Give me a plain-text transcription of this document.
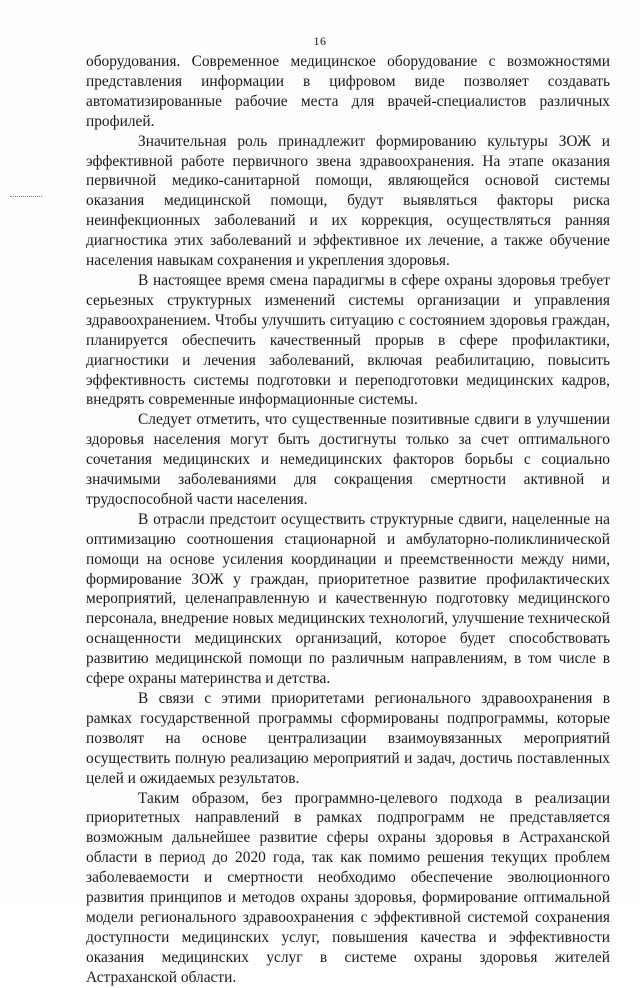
16

оборудования. Современное медицинское оборудование с возможностями представления информации в цифровом виде позволяет создавать автоматизированные рабочие места для врачей-специалистов различных профилей.

Значительная роль принадлежит формированию культуры ЗОЖ и эффективной работе первичного звена здравоохранения. На этапе оказания первичной медико-санитарной помощи, являющейся основой системы оказания медицинской помощи, будут выявляться факторы риска неинфекционных заболеваний и их коррекция, осуществляться ранняя диагностика этих заболеваний и эффективное их лечение, а также обучение населения навыкам сохранения и укрепления здоровья.

В настоящее время смена парадигмы в сфере охраны здоровья требует серьезных структурных изменений системы организации и управления здравоохранением. Чтобы улучшить ситуацию с состоянием здоровья граждан, планируется обеспечить качественный прорыв в сфере профилактики, диагностики и лечения заболеваний, включая реабилитацию, повысить эффективность системы подготовки и переподготовки медицинских кадров, внедрять современные информационные системы.

Следует отметить, что существенные позитивные сдвиги в улучшении здоровья населения могут быть достигнуты только за счет оптимального сочетания медицинских и немедицинских факторов борьбы с социально значимыми заболеваниями для сокращения смертности активной и трудоспособной части населения.

В отрасли предстоит осуществить структурные сдвиги, нацеленные на оптимизацию соотношения стационарной и амбулаторно-поликлинической помощи на основе усиления координации и преемственности между ними, формирование ЗОЖ у граждан, приоритетное развитие профилактических мероприятий, целенаправленную и качественную подготовку медицинского персонала, внедрение новых медицинских технологий, улучшение технической оснащенности медицинских организаций, которое будет способствовать развитию медицинской помощи по различным направлениям, в том числе в сфере охраны материнства и детства.

В связи с этими приоритетами регионального здравоохранения в рамках государственной программы сформированы подпрограммы, которые позволят на основе централизации взаимоувязанных мероприятий осуществить полную реализацию мероприятий и задач, достичь поставленных целей и ожидаемых результатов.

Таким образом, без программно-целевого подхода в реализации приоритетных направлений в рамках подпрограмм не представляется возможным дальнейшее развитие сферы охраны здоровья в Астраханской области в период до 2020 года, так как помимо решения текущих проблем заболеваемости и смертности необходимо обеспечение эволюционного развития принципов и методов охраны здоровья, формирование оптимальной модели регионального здравоохранения с эффективной системой сохранения доступности медицинских услуг, повышения качества и эффективности оказания медицинских услуг в системе охраны здоровья жителей Астраханской области.
